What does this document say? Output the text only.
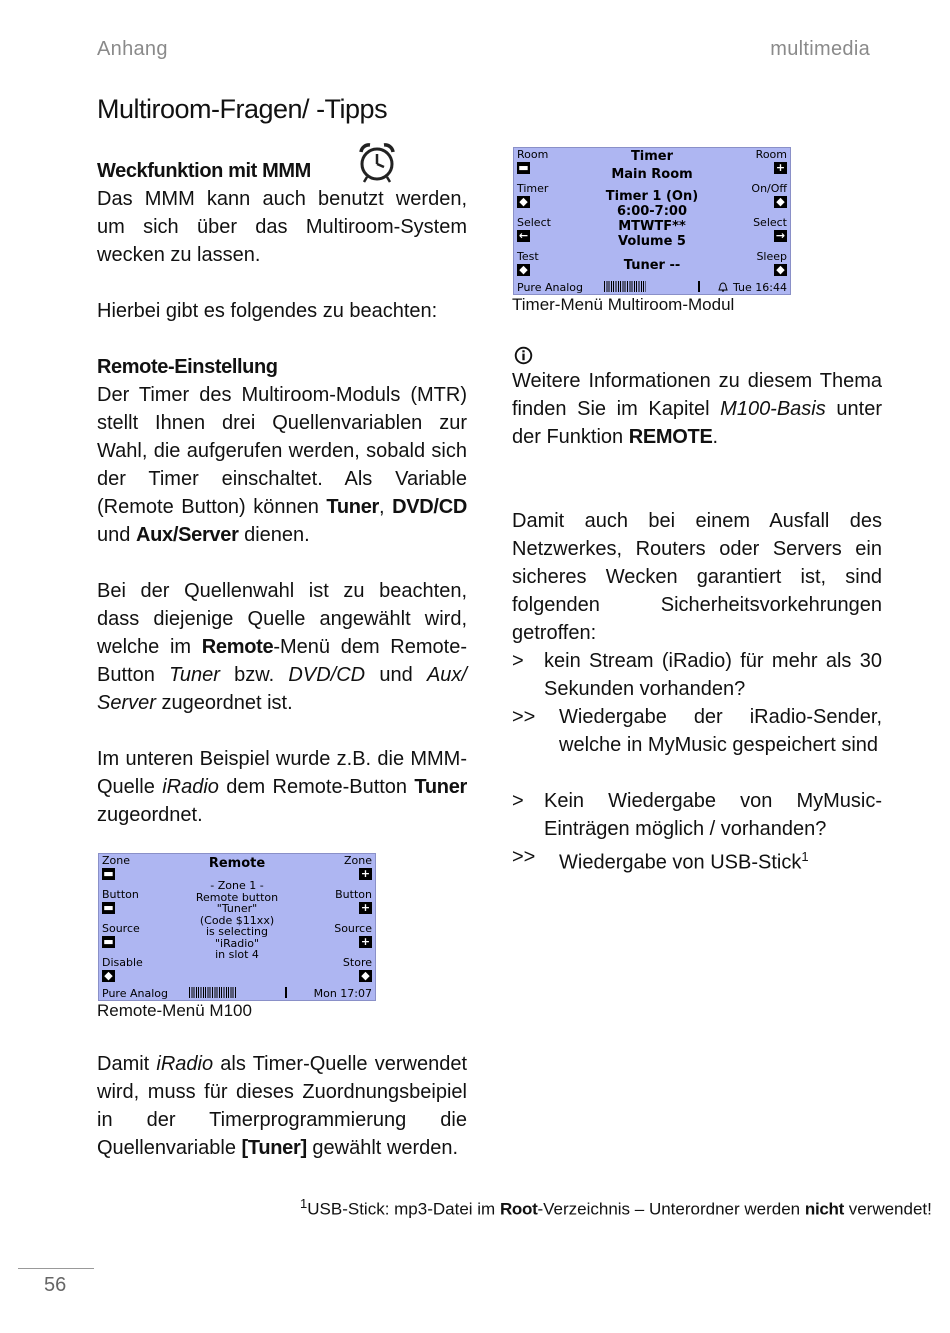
Anhang	multimedia
Multiroom-Fragen/ -Tipps

Weckfunktion mit MMM

Das MMM kann auch benutzt werden, um sich über das Multiroom-System wecken zu lassen.

Hierbei gibt es folgendes zu beachten:

Remote-Einstellung

Der Timer des Multiroom-Moduls (MTR) stellt Ihnen drei Quellenvariablen zur Wahl, die aufgerufen werden, sobald sich der Timer einschaltet. Als Variable (Remote Button) können Tuner, DVD/CD und Aux/Server dienen.

Bei der Quellenwahl ist zu beachten, dass diejenige Quelle angewählt wird, welche im Remote-Menü dem Remote-Button Tuner bzw. DVD/CD und Aux/ Server zugeordnet ist.

Im unteren Beispiel wurde z.B. die MMM-Quelle iRadio dem Remote-Button Tuner zugeordnet.

Remote
Zone
▬
Button
▬
Source
▬
Disable
◆
Zone
+
Button
+
Source
+
Store
◆
- Zone 1 -
Remote button
"Tuner"
(Code $11xx)
is selecting
"iRadio"
in slot 4
Pure Analog	Mon 17:07
Remote-Menü M100

Damit iRadio als Timer-Quelle verwendet wird, muss für dieses Zuordnungsbeipiel in der Timerprogrammierung die Quellenvariable [Tuner] gewählt werden.

Timer
Main Room
Room
▬
Timer
◆
Select
←
Test
◆
Room
+
On/Off
◆
Select
→
Sleep
◆
Timer 1 (On)
6:00-7:00
MTWTF**
Volume 5
Tuner --
Pure Analog	Tue 16:44
Timer-Menü Multiroom-Modul

Weitere Informationen zu diesem Thema finden Sie im Kapitel M100-Basis unter der Funktion REMOTE.

Damit auch bei einem Ausfall des Netzwerkes, Routers oder Servers ein sicheres Wecken garantiert ist, sind folgenden Sicherheitsvorkehrungen getroffen:

> kein Stream (iRadio) für mehr als 30 Sekunden vorhanden?
>> Wiedergabe der iRadio-Sender, welche in MyMusic gespeichert sind
> Kein Wiedergabe von MyMusic-Einträgen möglich / vorhanden?
>> Wiedergabe von USB-Stick$^1$
$^1$USB-Stick: mp3-Datei im Root-Verzeichnis – Unterordner werden nicht verwendet!
56
